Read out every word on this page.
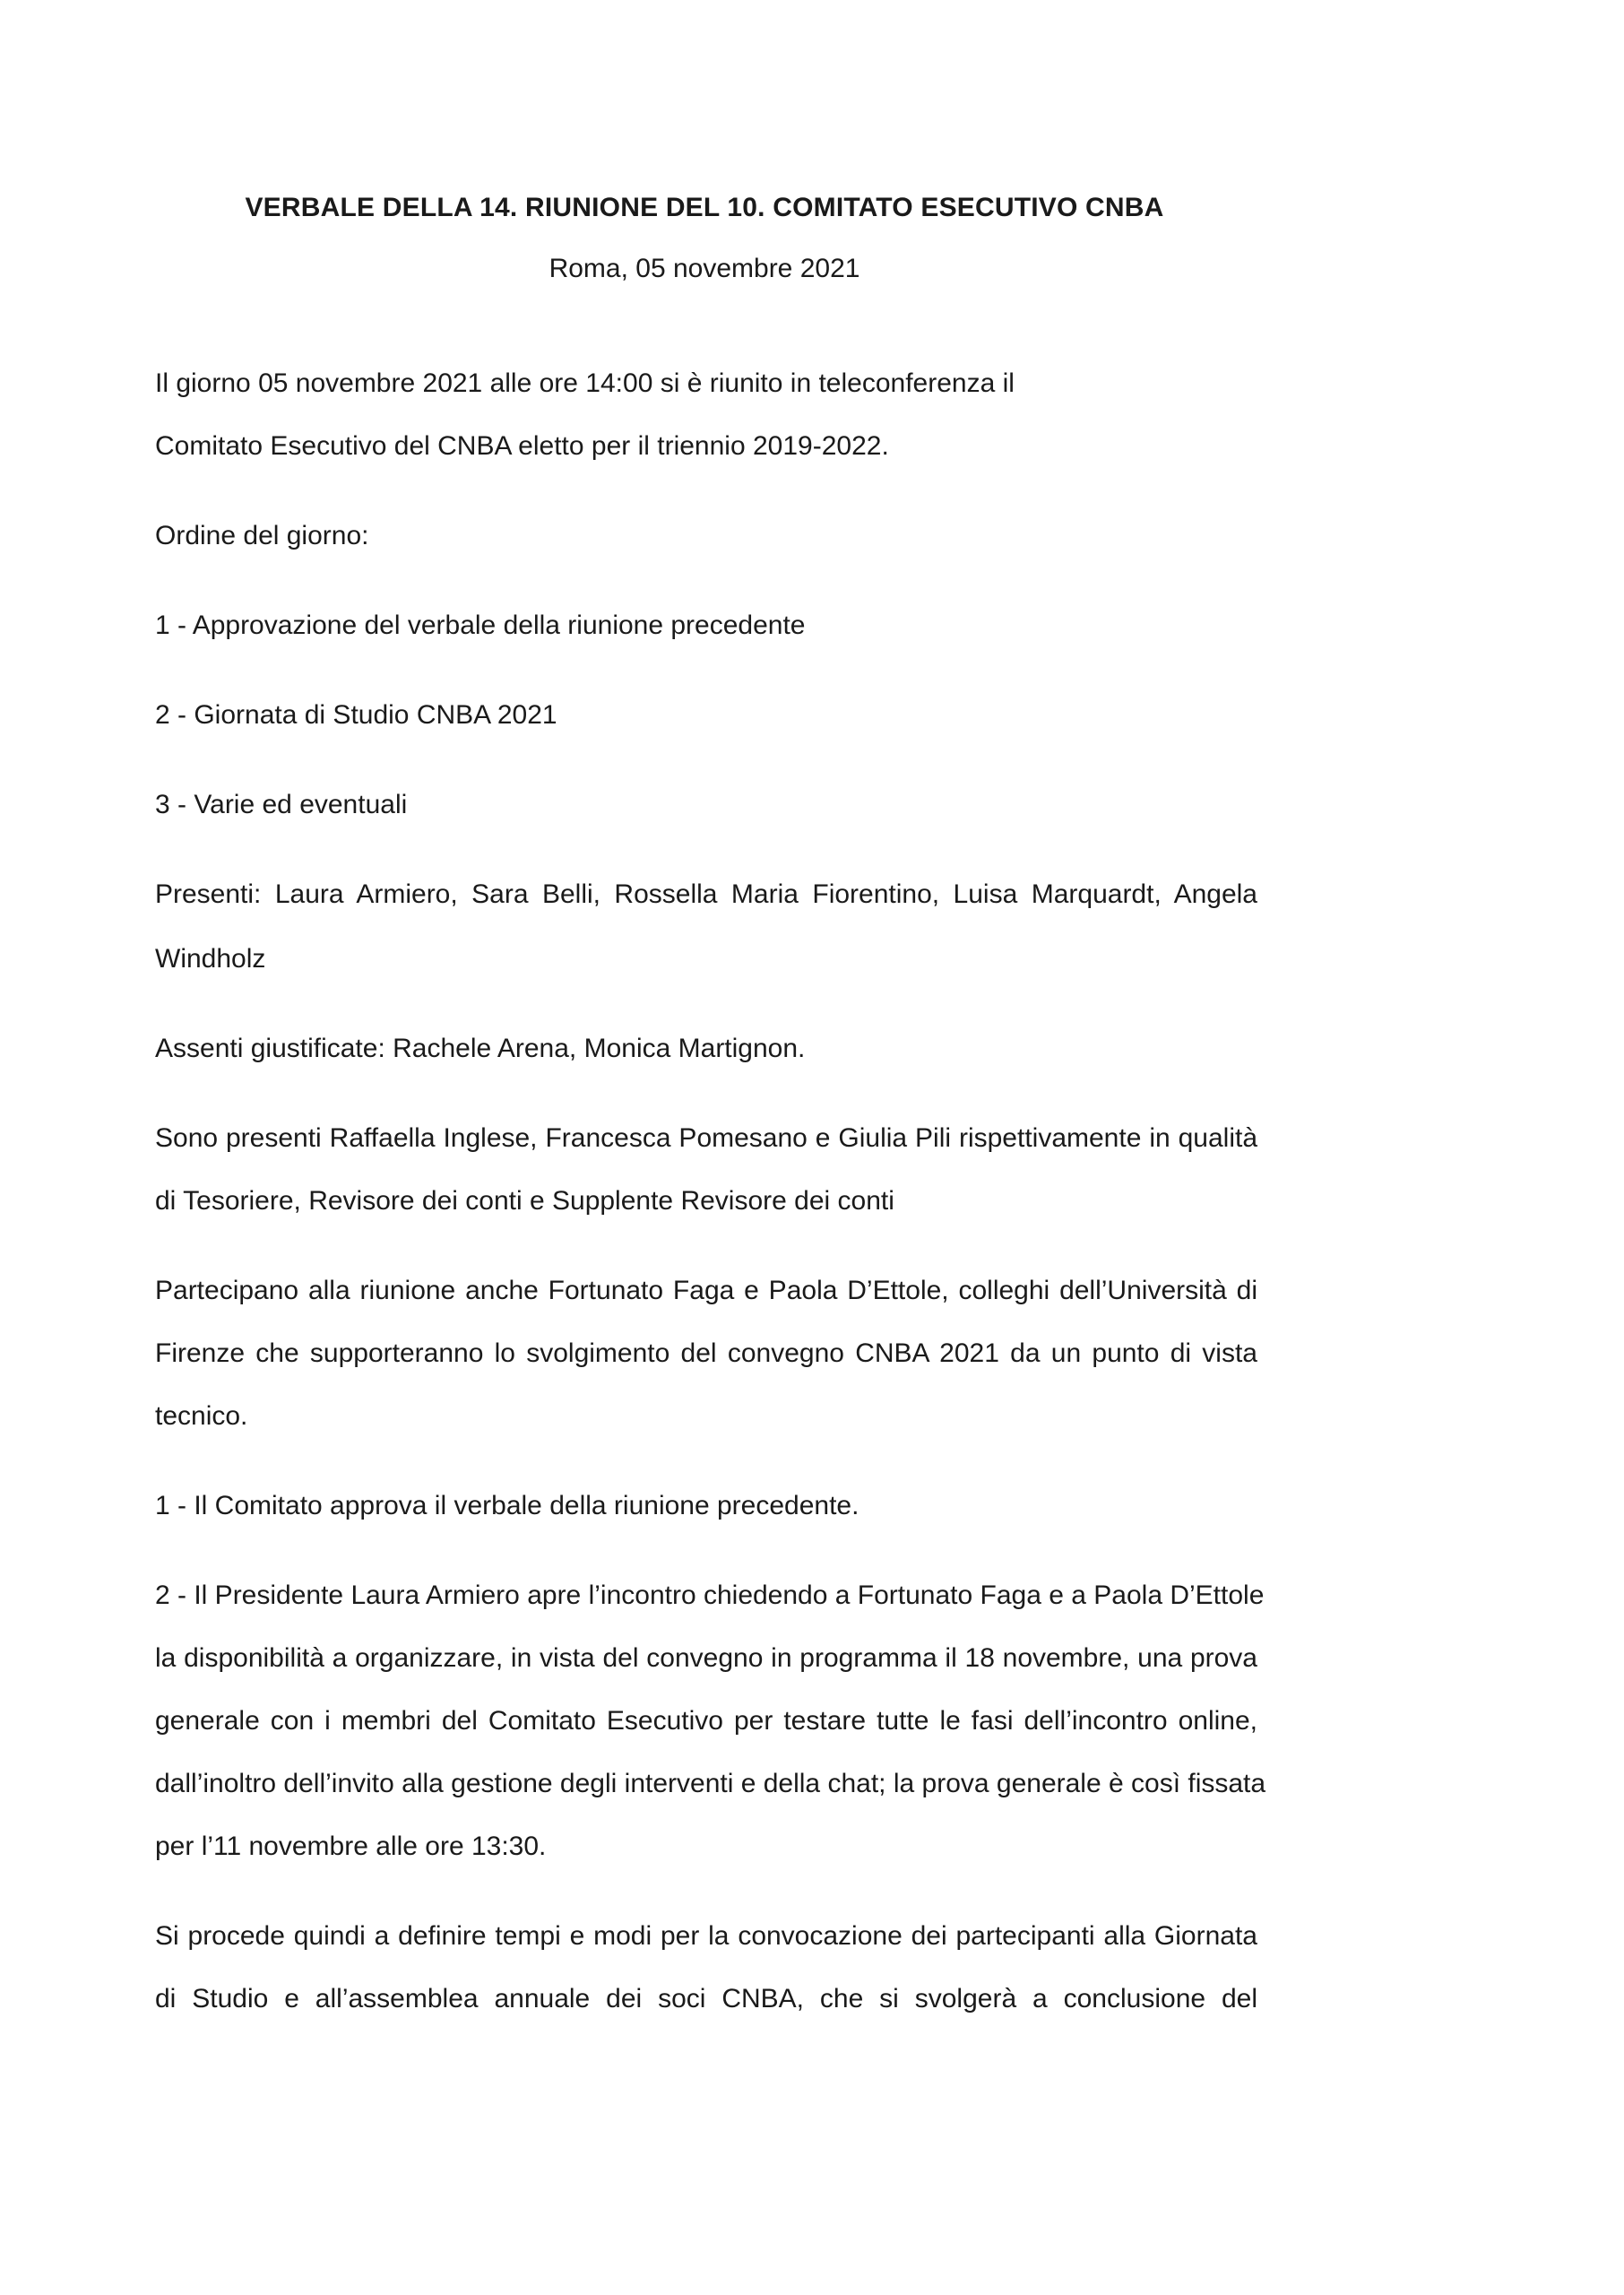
VERBALE DELLA 14. RIUNIONE DEL 10. COMITATO ESECUTIVO CNBA

Roma, 05 novembre 2021

Il giorno 05 novembre 2021 alle ore 14:00 si è riunito in teleconferenza il

Comitato Esecutivo del CNBA eletto per il triennio 2019-2022.

Ordine del giorno:

1 - Approvazione del verbale della riunione precedente

2 - Giornata di Studio CNBA 2021

3 - Varie ed eventuali

Presenti: Laura Armiero, Sara Belli, Rossella Maria Fiorentino, Luisa Marquardt, Angela

Windholz

Assenti giustificate: Rachele Arena, Monica Martignon.

Sono presenti Raffaella Inglese, Francesca Pomesano e Giulia Pili rispettivamente in qualità

di Tesoriere, Revisore dei conti e Supplente Revisore dei conti

Partecipano alla riunione anche Fortunato Faga e Paola D’Ettole, colleghi dell’Università di

Firenze che supporteranno lo svolgimento del convegno CNBA 2021 da un punto di vista

tecnico.

1 - Il Comitato approva il verbale della riunione precedente.

2 - Il Presidente Laura Armiero apre l’incontro chiedendo a Fortunato Faga e a Paola D’Ettole

la disponibilità a organizzare, in vista del convegno in programma il 18 novembre, una prova

generale con i membri del Comitato Esecutivo per testare tutte le fasi dell’incontro online,

dall’inoltro dell’invito alla gestione degli interventi e della chat; la prova generale è così fissata

per l’11 novembre alle ore 13:30.

Si procede quindi a definire tempi e modi per la convocazione dei partecipanti alla Giornata

di Studio e all’assemblea annuale dei soci CNBA, che si svolgerà a conclusione del
